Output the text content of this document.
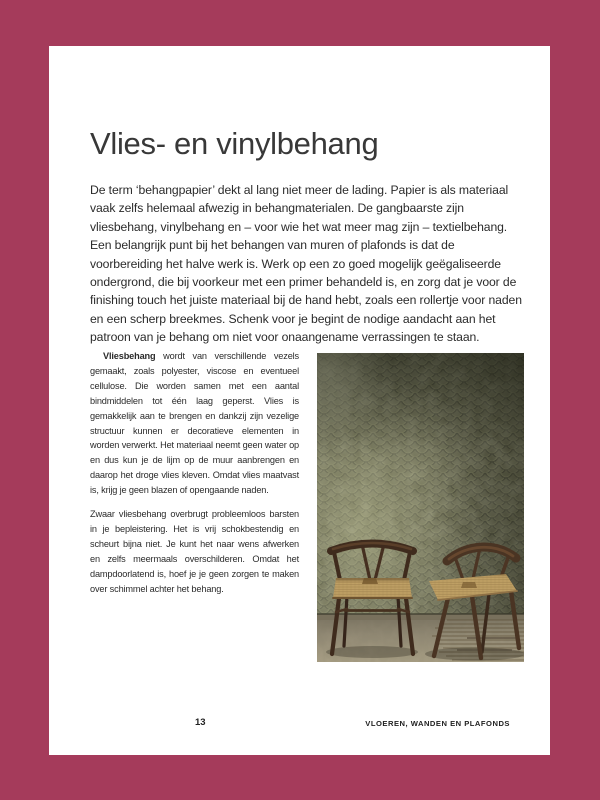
Vlies- en vinylbehang

De term ‘behangpapier’ dekt al lang niet meer de lading. Papier is als materiaal vaak zelfs helemaal afwezig in behangmaterialen. De gangbaarste zijn vliesbehang, vinylbehang en – voor wie het wat meer mag zijn – textielbehang. Een belangrijk punt bij het behangen van muren of plafonds is dat de voorbereiding het halve werk is. Werk op een zo goed mogelijk geëgaliseerde ondergrond, die bij voorkeur met een primer behandeld is, en zorg dat je voor de finishing touch het juiste materiaal bij de hand hebt, zoals een rollertje voor naden en een scherp breekmes. Schenk voor je begint de nodige aandacht aan het patroon van je behang om niet voor onaangename verrassingen te staan.

Vliesbehang wordt van verschillende vezels gemaakt, zoals polyester, viscose en eventueel cellulose. Die worden samen met een aantal bindmiddelen tot één laag geperst. Vlies is gemakkelijk aan te brengen en dankzij zijn vezelige structuur kunnen er decoratieve elementen in worden verwerkt. Het materiaal neemt geen water op en dus kun je de lijm op de muur aanbrengen en daarop het droge vlies kleven. Omdat vlies maatvast is, krijg je geen blazen of opengaande naden.

Zwaar vliesbehang overbrugt probleemloos barsten in je bepleistering. Het is vrij schokbestendig en scheurt bijna niet. Je kunt het naar wens afwerken en zelfs meermaals overschilderen. Omdat het dampdoorlatend is, hoef je je geen zorgen te maken over schimmel achter het behang.

13	VLOEREN, WANDEN EN PLAFONDS
